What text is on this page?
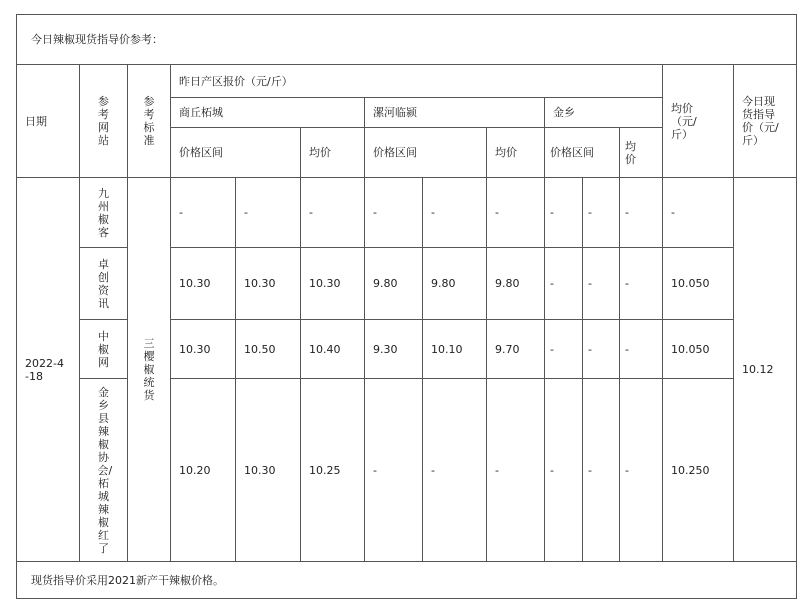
今日辣椒现货指导价参考：													
日期	参考网站	参考标准	昨日产区报价（元/斤）									均价（元/斤）	今日现货指导价（元/斤）
			商丘柘城			漯河临颍			金乡				
			价格区间		均价	价格区间		均价	价格区间		均价		
2022-4-18	九州椒客	三樱椒统货	-	-	-	-	-	-	-	-	-	-	10.12
	卓创资讯		10.30	10.30	10.30	9.80	9.80	9.80	-	-	-	10.050	
	中椒网		10.30	10.50	10.40	9.30	10.10	9.70	-	-	-	10.050	
	金乡县辣椒协会/柘城辣椒红了		10.20	10.30	10.25	-	-	-	-	-	-	10.250	
现货指导价采用2021新产干辣椒价格。													
